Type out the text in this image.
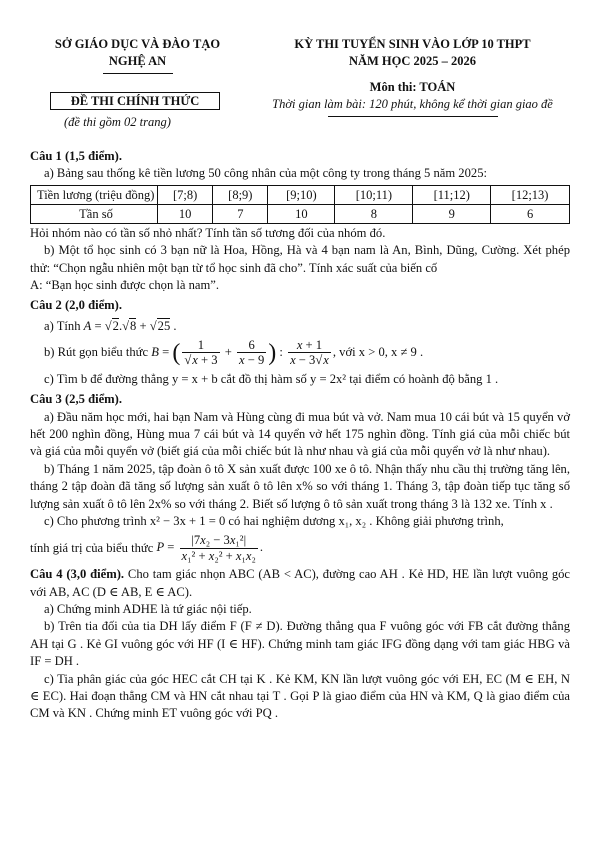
SỞ GIÁO DỤC VÀ ĐÀO TẠO
NGHỆ AN
ĐỀ THI CHÍNH THỨC
(đề thi gồm 02 trang)
KỲ THI TUYỂN SINH VÀO LỚP 10 THPT
NĂM HỌC 2025 – 2026
Môn thi: TOÁN
Thời gian làm bài: 120 phút, không kể thời gian giao đề
Câu 1 (1,5 điểm).

a) Bảng sau thống kê tiền lương 50 công nhân của một công ty trong tháng 5 năm 2025:

Tiền lương (triệu đồng)	[7;8)	[8;9)	[9;10)	[10;11)	[11;12)	[12;13)
Tần số	10	7	10	8	9	6

Hỏi nhóm nào có tần số nhỏ nhất? Tính tần số tương đối của nhóm đó.

b) Một tổ học sinh có 3 bạn nữ là Hoa, Hồng, Hà và 4 bạn nam là An, Bình, Dũng, Cường. Xét phép thử: “Chọn ngẫu nhiên một bạn từ tổ học sinh đã cho”. Tính xác suất của biến cố

A: “Bạn học sinh được chọn là nam”.

Câu 2 (2,0 điểm).
a) Tính A = √2.√8 + √25 .
b) Rút gọn biểu thức B = ( $\frac{1}{√x + 3} + \frac{6}{x - 9}$ ) : $\frac{x + 1}{x - 3√x}$ , với x > 0, x ≠ 9 .

c) Tìm b để đường thẳng y = x + b cắt đồ thị hàm số y = 2x² tại điểm có hoành độ bằng 1 .

Câu 3 (2,5 điểm).

a) Đầu năm học mới, hai bạn Nam và Hùng cùng đi mua bút và vở. Nam mua 10 cái bút và 15 quyển vở hết 200 nghìn đồng, Hùng mua 7 cái bút và 14 quyển vở hết 175 nghìn đồng. Tính giá của mỗi chiếc bút và giá của mỗi quyển vở (biết giá của mỗi chiếc bút là như nhau và giá của mỗi quyển vở là như nhau).

b) Tháng 1 năm 2025, tập đoàn ô tô X sản xuất được 100 xe ô tô. Nhận thấy nhu cầu thị trường tăng lên, tháng 2 tập đoàn đã tăng số lượng sản xuất ô tô lên x% so với tháng 1. Tháng 3, tập đoàn tiếp tục tăng số lượng sản xuất ô tô lên 2x% so với tháng 2. Biết số lượng ô tô sản xuất trong tháng 3 là 132 xe. Tính x .

c) Cho phương trình x² − 3x + 1 = 0 có hai nghiệm dương x₁, x₂ . Không giải phương trình,

tính giá trị của biểu thức $P = \frac{\text{|7x₂ − 3x₁²|}}{\text{x₁² + x₂² + x₁x₂}}$ .

Câu 4 (3,0 điểm). Cho tam giác nhọn ABC (AB < AC), đường cao AH . Kẻ HD, HE lần lượt vuông góc với AB, AC (D ∈ AB, E ∈ AC).

a) Chứng minh ADHE là tứ giác nội tiếp.

b) Trên tia đối của tia DH lấy điểm F (F ≠ D). Đường thẳng qua F vuông góc với FB cắt đường thẳng AH tại G . Kẻ GI vuông góc với HF (I ∈ HF). Chứng minh tam giác IFG đồng dạng với tam giác HBG và IF = DH .

c) Tia phân giác của góc HEC cắt CH tại K . Kẻ KM, KN lần lượt vuông góc với EH, EC (M ∈ EH, N ∈ EC). Hai đoạn thẳng CM và HN cắt nhau tại T . Gọi P là giao điểm của HN và KM, Q là giao điểm của CM và KN . Chứng minh ET vuông góc với PQ .
